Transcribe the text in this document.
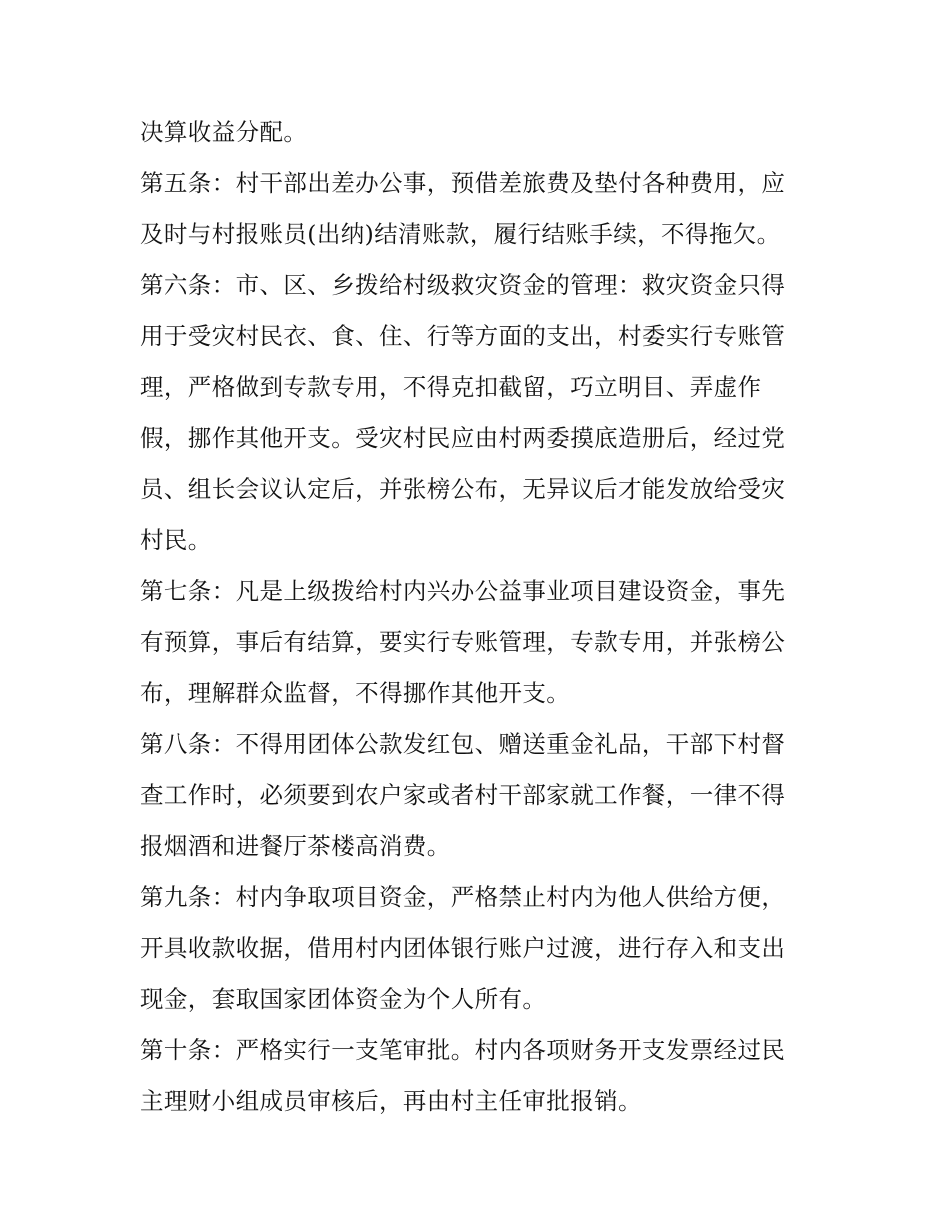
决算收益分配。
第五条：村干部出差办公事，预借差旅费及垫付各种费用，应
及时与村报账员(出纳)结清账款，履行结账手续，不得拖欠。
第六条：市、区、乡拨给村级救灾资金的管理：救灾资金只得
用于受灾村民衣、食、住、行等方面的支出，村委实行专账管
理，严格做到专款专用，不得克扣截留，巧立明目、弄虚作
假，挪作其他开支。受灾村民应由村两委摸底造册后，经过党
员、组长会议认定后，并张榜公布，无异议后才能发放给受灾
村民。
第七条：凡是上级拨给村内兴办公益事业项目建设资金，事先
有预算，事后有结算，要实行专账管理，专款专用，并张榜公
布，理解群众监督，不得挪作其他开支。
第八条：不得用团体公款发红包、赠送重金礼品，干部下村督
查工作时，必须要到农户家或者村干部家就工作餐，一律不得
报烟酒和进餐厅茶楼高消费。
第九条：村内争取项目资金，严格禁止村内为他人供给方便，
开具收款收据，借用村内团体银行账户过渡，进行存入和支出
现金，套取国家团体资金为个人所有。
第十条：严格实行一支笔审批。村内各项财务开支发票经过民
主理财小组成员审核后，再由村主任审批报销。
